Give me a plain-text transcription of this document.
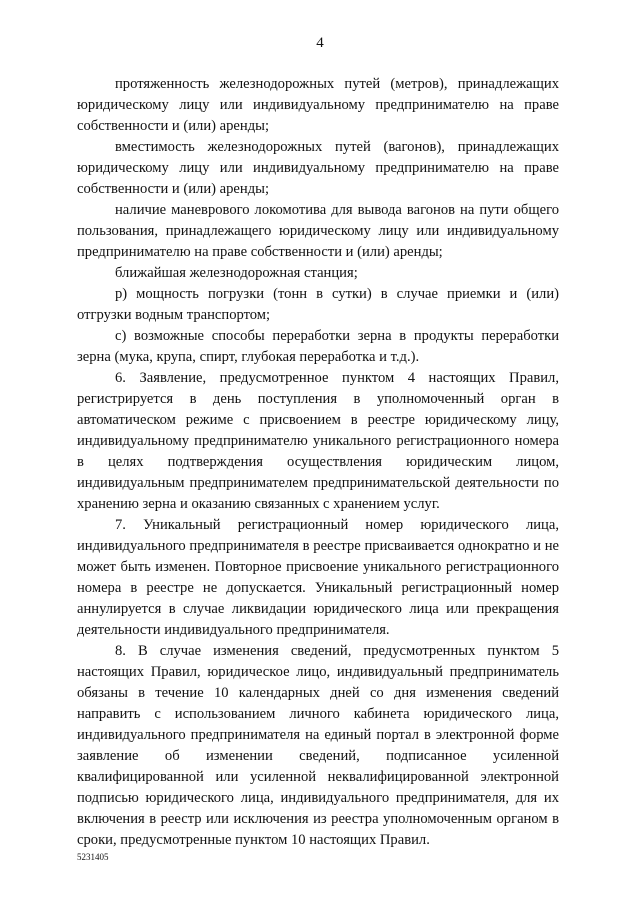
4

протяженность железнодорожных путей (метров), принадлежащих юридическому лицу или индивидуальному предпринимателю на праве собственности и (или) аренды;

вместимость железнодорожных путей (вагонов), принадлежащих юридическому лицу или индивидуальному предпринимателю на праве собственности и (или) аренды;

наличие маневрового локомотива для вывода вагонов на пути общего пользования, принадлежащего юридическому лицу или индивидуальному предпринимателю на праве собственности и (или) аренды;

ближайшая железнодорожная станция;

р) мощность погрузки (тонн в сутки) в случае приемки и (или) отгрузки водным транспортом;

с) возможные способы переработки зерна в продукты переработки зерна (мука, крупа, спирт, глубокая переработка и т.д.).

6. Заявление, предусмотренное пунктом 4 настоящих Правил, регистрируется в день поступления в уполномоченный орган в автоматическом режиме с присвоением в реестре юридическому лицу, индивидуальному предпринимателю уникального регистрационного номера в целях подтверждения осуществления юридическим лицом, индивидуальным предпринимателем предпринимательской деятельности по хранению зерна и оказанию связанных с хранением услуг.

7. Уникальный регистрационный номер юридического лица, индивидуального предпринимателя в реестре присваивается однократно и не может быть изменен. Повторное присвоение уникального регистрационного номера в реестре не допускается. Уникальный регистрационный номер аннулируется в случае ликвидации юридического лица или прекращения деятельности индивидуального предпринимателя.

8. В случае изменения сведений, предусмотренных пунктом 5 настоящих Правил, юридическое лицо, индивидуальный предприниматель обязаны в течение 10 календарных дней со дня изменения сведений направить с использованием личного кабинета юридического лица, индивидуального предпринимателя на единый портал в электронной форме заявление об изменении сведений, подписанное усиленной квалифицированной или усиленной неквалифицированной электронной подписью юридического лица, индивидуального предпринимателя, для их включения в реестр или исключения из реестра уполномоченным органом в сроки, предусмотренные пунктом 10 настоящих Правил.

5231405
